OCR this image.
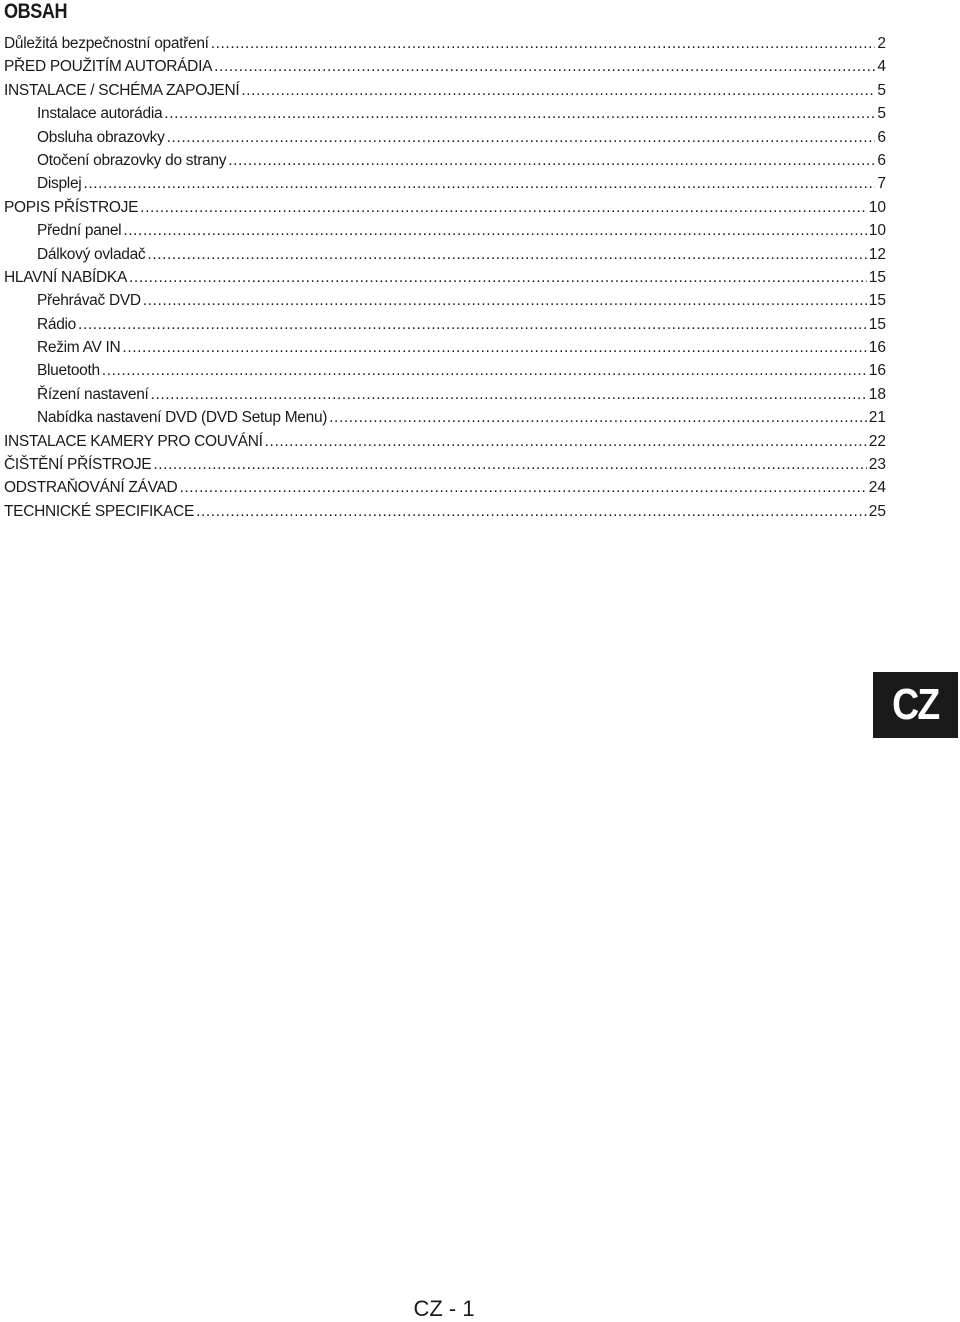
OBSAH
Důležitá bezpečnostní opatření .....	2
PŘED POUŽITÍM AUTORÁDIA .....	4
INSTALACE / SCHÉMA ZAPOJENÍ .....	5
Instalace autorádia .....	5
Obsluha obrazovky .....	6
Otočení obrazovky do strany .....	6
Displej .....	7
POPIS PŘÍSTROJE .....	10
Přední panel .....	10
Dálkový ovladač .....	12
HLAVNÍ NABÍDKA .....	15
Přehrávač DVD .....	15
Rádio .....	15
Režim AV IN .....	16
Bluetooth .....	16
Řízení nastavení .....	18
Nabídka nastavení DVD (DVD Setup Menu) .....	21
INSTALACE KAMERY PRO COUVÁNÍ .....	22
ČIŠTĚNÍ PŘÍSTROJE .....	23
ODSTRAŇOVÁNÍ ZÁVAD .....	24
TECHNICKÉ SPECIFIKACE .....	25
CZ
CZ - 1
